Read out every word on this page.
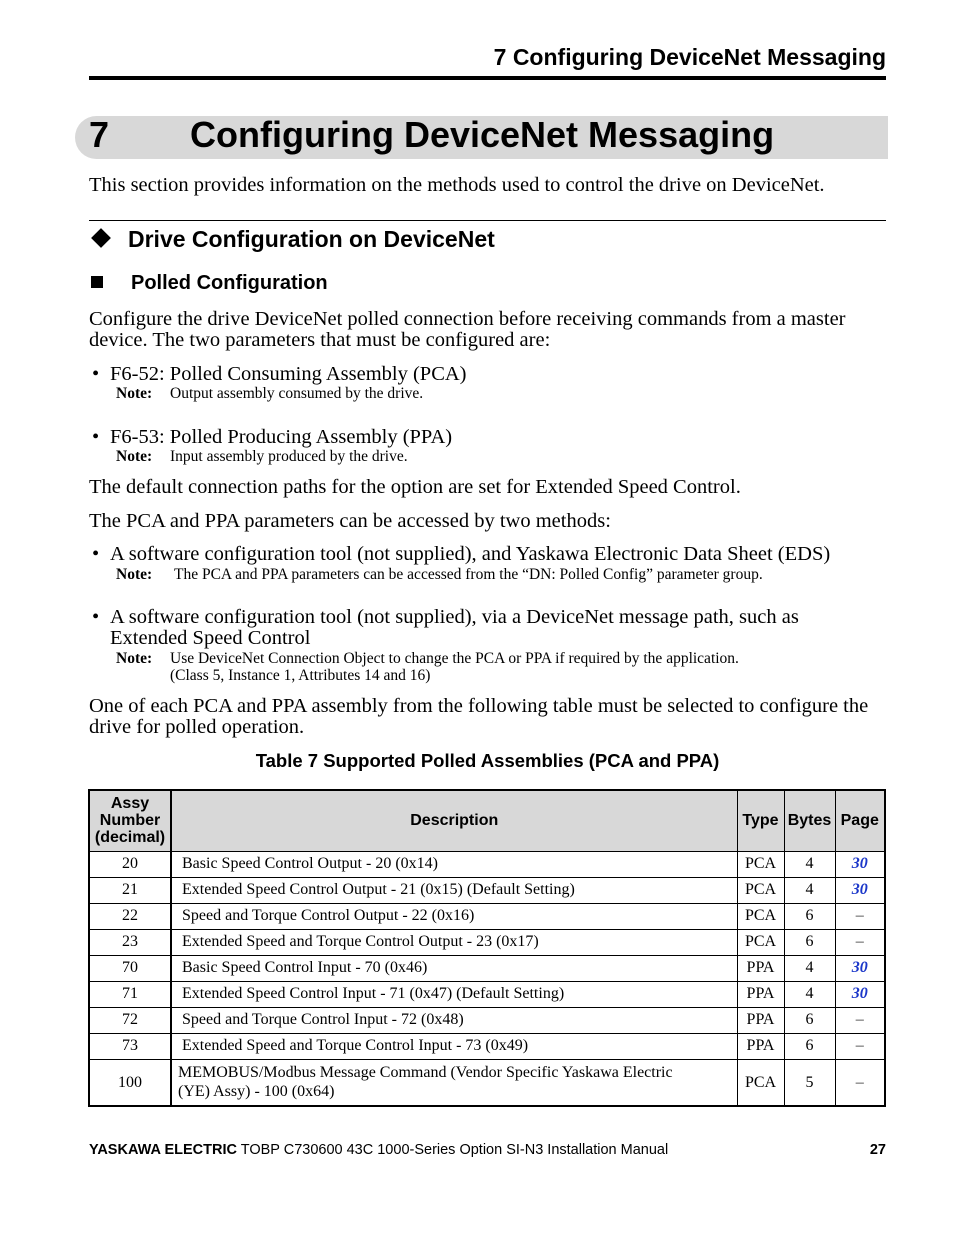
7 Configuring DeviceNet Messaging
7 Configuring DeviceNet Messaging
This section provides information on the methods used to control the drive on DeviceNet.
Drive Configuration on DeviceNet
Polled Configuration
Configure the drive DeviceNet polled connection before receiving commands from a master device. The two parameters that must be configured are:
• F6-52: Polled Consuming Assembly (PCA)
Note: Output assembly consumed by the drive.
• F6-53: Polled Producing Assembly (PPA)
Note: Input assembly produced by the drive.
The default connection paths for the option are set for Extended Speed Control.
The PCA and PPA parameters can be accessed by two methods:
• A software configuration tool (not supplied), and Yaskawa Electronic Data Sheet (EDS)
Note: The PCA and PPA parameters can be accessed from the “DN: Polled Config” parameter group.
• A software configuration tool (not supplied), via a DeviceNet message path, such as
Extended Speed Control
Note: Use DeviceNet Connection Object to change the PCA or PPA if required by the application.
(Class 5, Instance 1, Attributes 14 and 16)
One of each PCA and PPA assembly from the following table must be selected to configure the drive for polled operation.
Table 7 Supported Polled Assemblies (PCA and PPA)
Assy
Number
(decimal)	Description	Type	Bytes	Page
20	Basic Speed Control Output - 20 (0x14)	PCA	4	30
21	Extended Speed Control Output - 21 (0x15) (Default Setting)	PCA	4	30
22	Speed and Torque Control Output - 22 (0x16)	PCA	6	–
23	Extended Speed and Torque Control Output - 23 (0x17)	PCA	6	–
70	Basic Speed Control Input - 70 (0x46)	PPA	4	30
71	Extended Speed Control Input - 71 (0x47) (Default Setting)	PPA	4	30
72	Speed and Torque Control Input - 72 (0x48)	PPA	6	–
73	Extended Speed and Torque Control Input - 73 (0x49)	PPA	6	–
100	MEMOBUS/Modbus Message Command (Vendor Specific Yaskawa Electric
(YE) Assy) - 100 (0x64)	PCA	5	–
YASKAWA ELECTRIC TOBP C730600 43C 1000-Series Option SI-N3 Installation Manual	27
